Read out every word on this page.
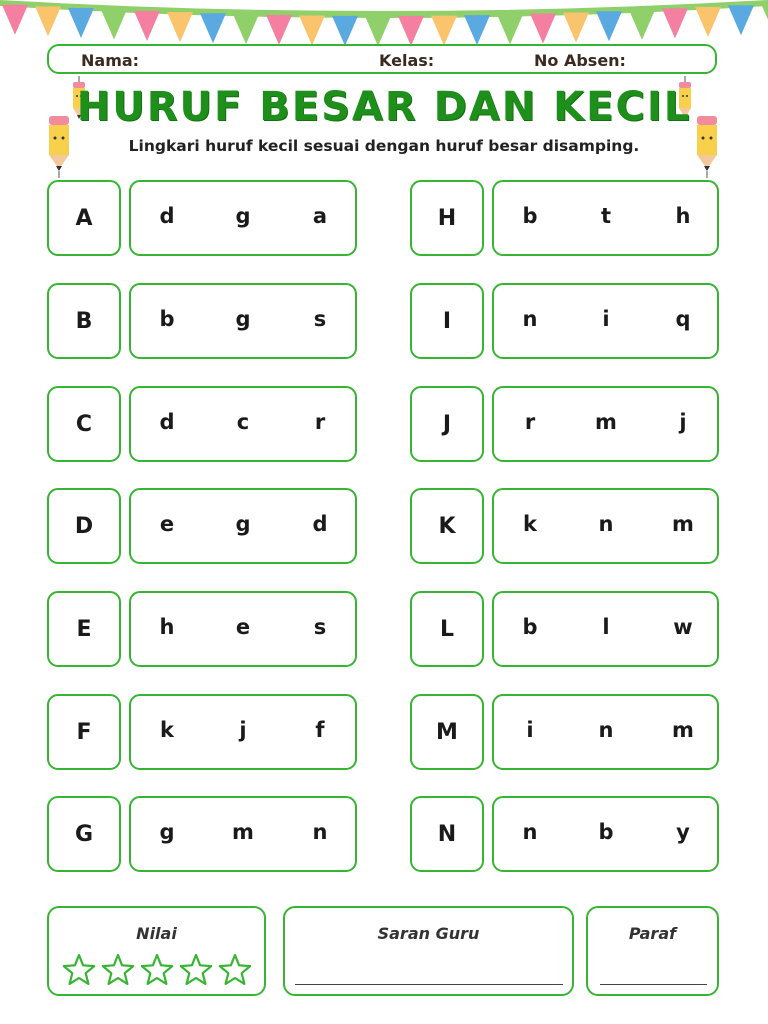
Nama:	Kelas:	No Absen:
HURUF BESAR DAN KECIL
Lingkari huruf kecil sesuai dengan huruf besar disamping.
A	d	g	a
B	b	g	s
C	d	c	r
D	e	g	d
E	h	e	s
F	k	j	f
G	g	m	n
H	b	t	h
I	n	i	q
J	r	m	j
K	k	n	m
L	b	l	w
M	i	n	m
N	n	b	y
Nilai	Saran Guru	Paraf
